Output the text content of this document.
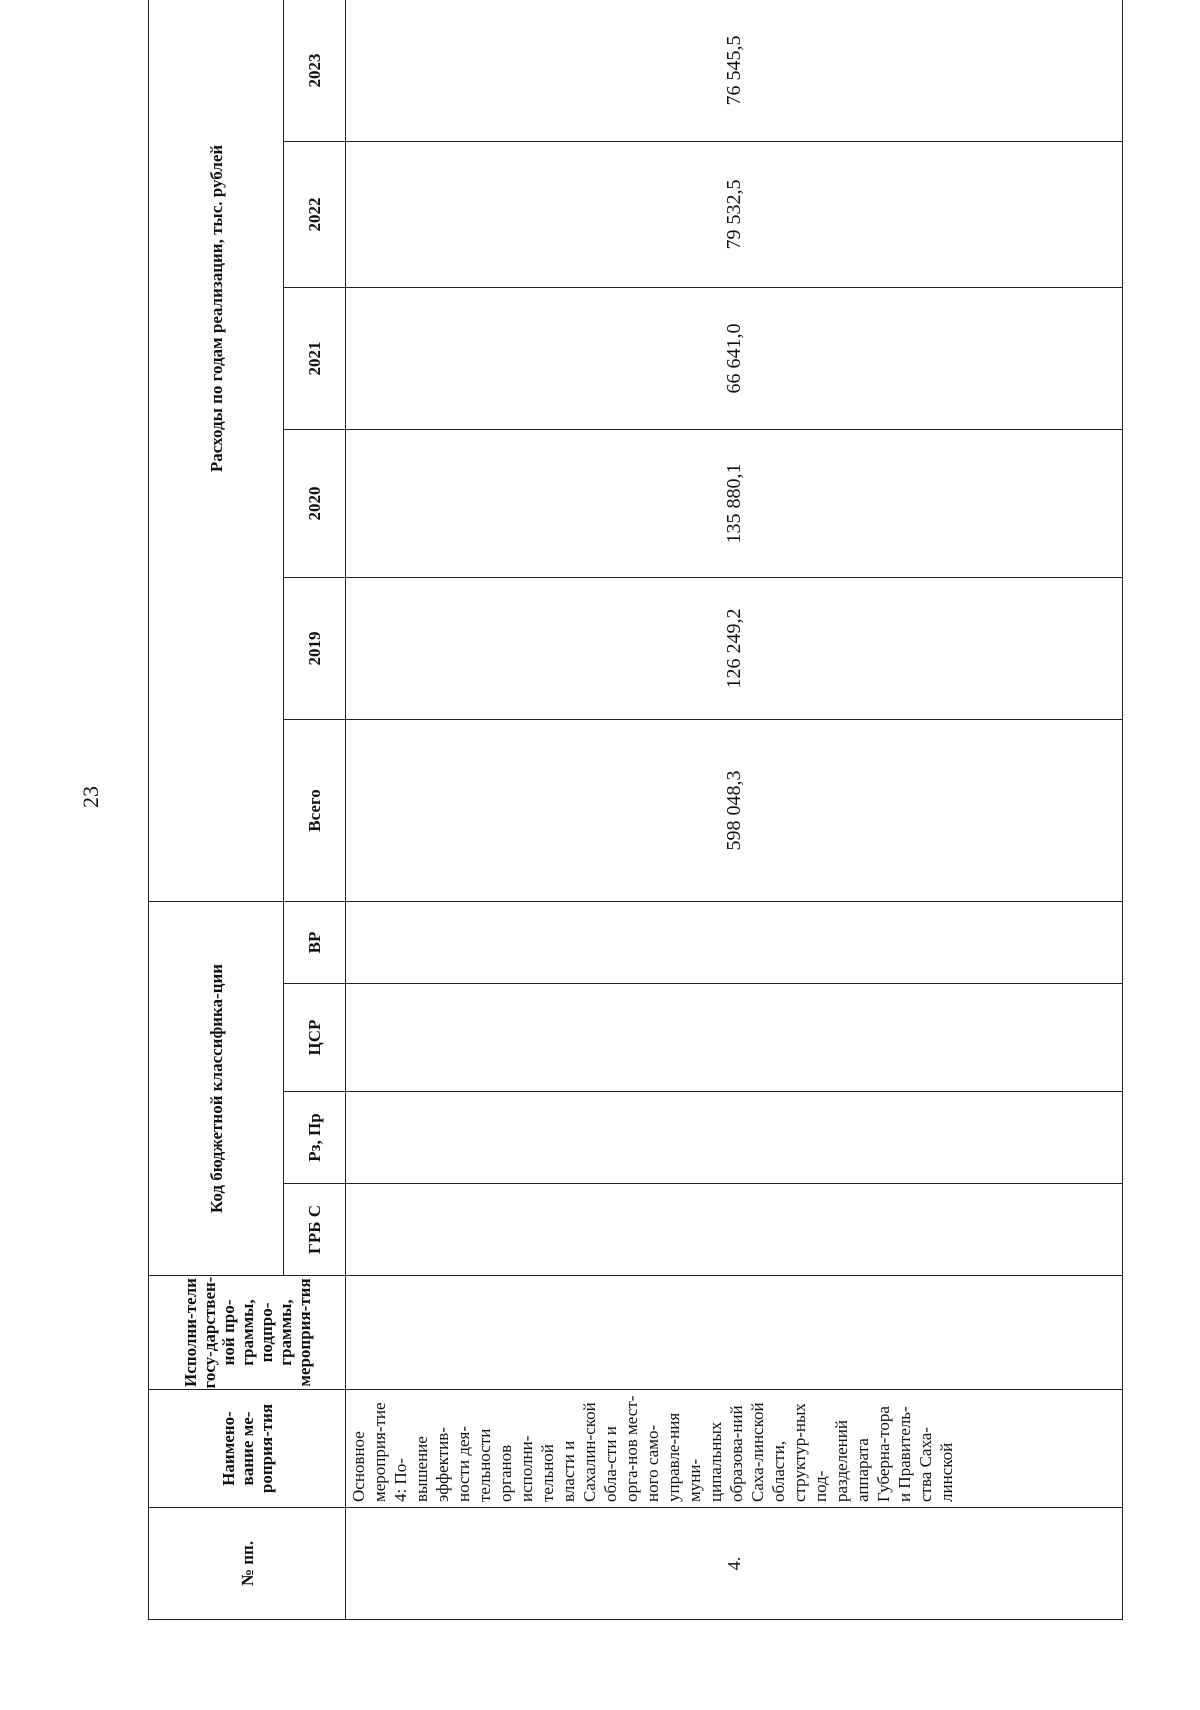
23
№ пп.	Наимено-вание ме-роприя-тия	Исполни-тели госу-дарствен-ной про-граммы, подпро-граммы, мероприя-тия	Код бюджетной классифика-ции				Расходы по годам реализации, тыс. рублей							
			ГРБ С	Рз, Пр	ЦСР	ВР	Всего	2019	2020	2021	2022	2023		
4.	Основное мероприя-тие 4: По-вышение эффектив-ности дея-тельности органов исполни-тельной власти и Сахалин-ской обла-сти и орга-нов мест-ного само-управле-ния муни-ципальных образова-ний Саха-линской области, структур-ных под-разделений аппарата Губерна-тора и Правитель-ства Саха-линской						598 048,3	126 249,2	135 880,1	66 641,0	79 532,5	76 545,5		
